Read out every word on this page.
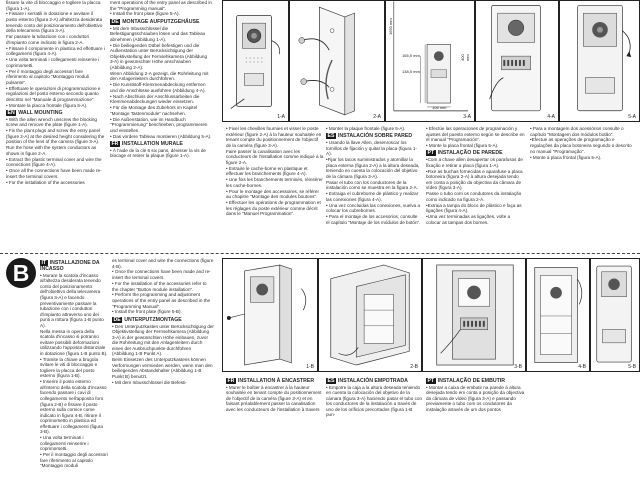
fissare la vite di bloccaggio e togliere la placca (figura 1-A).

• Fissare i serratili in dotazione e avvitare il posto esterno (figura 2-A) all'altezza desiderata tenendo conto del posizionamento dell'obiettivo della telecamera (figura 3-A).

Far passare la tubazione con i conduttori d'impianto come indicato in figura 2-A.

• Fissare il componente in plastica ed effettuare i collegamenti (figura 4-A).

• Una volta terminati i collegamenti reinserire i coprimorsetti.

• Per il montaggio degli accessori fare riferimento al capitolo "Montaggio moduli pulsante".

• Effettuare le operazioni di programmazione e regolazioni del posto esterno secondo quanto descritto nel "Manuale di programmazione".

• Montare la placca frontale (figura 5-A).

EN WALL MOUNTING

• With the allen wrench unscrew the blocking screw and remove the plate (figure 1-A).

• Fix the plant plugs and screw the entry panel (figure 2-A) at the desired height considering the position of the lens of the camera (figure 3-A).

Run the hose with the system conductors as shown in figure 2-A.

• Extract the plastic terminal cover and wire the connections (figure 4-A).

• Once all the connections have been made re-insert the terminal covers.

• For the installation of the accessories

ment operations of the entry panel as described in the "Programming manual".

• Install the front plate (figure 5-A).

DE MONTAGE AUFPUTZGEHÄUSE

• Mit dem Inbusschlüssel die Befestigungsschrauben lösen und das Tableau abnehmen (Abbildung 1-A).

• Die beiliegenden Dübel befestigen und die Außenstation unter Berücksichtigung der Objektivstellung der Fernsehkamera (Abbildung 3-A) in gewünschter Höhe anschrauben (Abbildung 2-A).

Wenn Abbildung 2-A gezeigt, die Rohrleitung mit den Anlagenleitern durchführen.

• Die Kunststoff-Klemmenabdeckung entfernen und die Anschlüsse ausführen (Abbildung 4-A).

• Nach Abschluss der Anschlussarbeiten die Klemmenabdeckungen wieder einsetzen.

• Für die Montage des Zubehörs im Kapitel "Montage Tastenmodule" nachsehen.

• Die Außenstation, wie im Handbuch "Programmierung" beschrieben, programmieren und einstellen.

• Das vordere Tableau montieren (Abbildung 5-A).

FR INSTALLATION MURALE

• À l'aide de la clé 6 six pans, dévisser la vis de blocage et retirer la plaque (figure 1-A).

1-A	2-A
1650 mm
165,5 mm
138,5 mm
106 mm
400 mm
3-A	4-A	5-A

• Fixer les chevilles fournies et visser le poste extérieur (figure 2-A) à la hauteur souhaitée en tenant compte du positionnement de l'objectif de la caméra (figure 3-A).

Faire passer la canalisation avec les conducteurs de l'installation comme indiqué à la figure 2-A.

• Extraire le cache-borne en plastique et effectuer les branchements (figure 4-A).

• Une fois les branchements terminés, réinsérer les cache-bornes.

• Pour le montage des accessoires, se référer au chapitre "Montage des modules boutons".

• Effectuer les opérations de programmation et les réglages du poste extérieur comme décrit dans le "Manuel Programmation".

• Monter la plaque frontale (figure 5-A).

ES INSTALACIÓN SOBRE PARED

• Usando la llave Allen, desenroscar los tornillos de fijación y quitar la placa (figura 1-A).

•Fijar los tacos suministrados y atornillar la placa externa (figura 2-A) a la altura deseada, teniendo en cuenta la colocación del objetivo de la cámara (figura 3-A).

Pasar el tubo con los conductores de la instalación como se muestra en la figura 2-A.

• Extraiga el cubreborne de plástico y realizar las conexiones (figura 4-A).

• Una vez concluidas las conexiones, vuelva a colocar los cubrebornes.

• Para el montaje de los accesorios, consulte el capítulo "Montaje de los módulos de botón".

• Efectúe las operaciones de programación y ajustes del puesto externo según se describe en el manual "Programación".

• Monte la placa frontal (figura 5-A).

PT INSTALAÇÃO DE PAREDE

•Com a chave allen desapertar os parafusos de fixação e retirar a placa (figura 1-A).

•Fixe as buchas fornecidas e aparafuse a placa botoneira (figura 2-A) à altura desejada tendo em conta a posição da objectiva da câmara de vídeo (figura 3-A).

Passe o tubo com os condutores da instalação como indicado na figura 2-A.

•Extraia a tampa do bloco de plástico e faça as ligações (figura 4-A).

•Uma vez terminadas as ligações, volte a colocar as tampas dos bornes.

• Para a montagem dos acessórios consulte o capítulo "Montagem dos módulos botão".

•Efectue as operações de programação e regulações da placa botoneira segundo o descrito no manual "Programação".

• Monte a placa frontal (figura 5-A).

B	IT INSTALLAZIONE DA INCASSO

• Murare la scatola d'incasso all'altezza desiderata tenendo conto del posizionamento dell'obiettivo della telecamera (figura 3-A) e facendo preventivamente passare la tubazione con i conduttori d'impianto attraverso uno dei punti a rottura (figura 1-B punto A).

Nella messa in opera della scatola d'incasso si potranno evitare possibili deformazioni utilizzando l'apposito distanziale in dotazione (figura 1-B punto B).

• Tramite la chiave a brugola svitare le viti di bloccaggio e togliere la placca del posto esterno (figura 1-B).

• Inserire il posto esterno all'interno della scatola d'incasso facendo passare i cavi di collegamento nell'apposito foro (figura 2-B) e fissare il posto esterno sulla cornice come indicato in figura 4-B, ritirare il coprimorsetto in plastica ed effettuare i collegamenti (figura 3-B).

• Una volta terminati i collegamenti reinserire i coprimorsetti.

• Per il montaggio degli accessori fare riferimento al capitolo "Montaggio moduli

es terminal cover and wire the connections (figure 4-B).

• Once the connections have been made and re-insert the terminal covers.

• For the installation of the accessories refer to the chapter "Button module installation".

• Perform the programming and adjustment operations of the entry panel as described in the "Programming Manual".

• Install the front plate (figure 5-B).

DE UNTERPUTZMONTAGE

• Den Unterputzkasten unter Berücksichtigung der Objektivstellung der Fernsehkamera (Abbildung 3-A) in der gewünschten Höhe einbauen, zuvor die Rohrleitung mit den Anlagenleitern durch einen der Ausbruchpunkte durchführen (Abbildung 1-B Punkt A).

Beim Einsetzen des Unterputzkastens können Verformungen vermieden werden, wenn man den beiliegenden Abstandshalter (Abbildung 1-B Punkt B) benutzt.

• Mit dem Inbusschlüssel die Befesti-

1-B	2-B	3-B	4-B	5-B
FR INSTALLATION À ENCASTRER

• Murer le boîtier à encastrer à la hauteur souhaitée en tenant compte du positionnement de l'objectif de la caméra (figure 3-A) et en faisant préalablement passer la canalisation avec les conducteurs de l'installation à travers

ES INSTALACIÓN EMPOTRADA

• Empotre la caja a la altura deseada teniendo en cuenta la colocación del objetivo de la cámara (figura 3-A) haciendo pasar el tubo con los conductores de la instalación a través de uno de los orificios precortados (figura 1-B pun-

PT INSTALAÇÃO DE EMBUTIR

• Montar a caixa de embutir na parede à altura desejada tendo em conta a posição da objectiva da câmara de vídeo (figura 3-A) e passando previamente o tubo com os condutores da instalação através de um dos pontos
